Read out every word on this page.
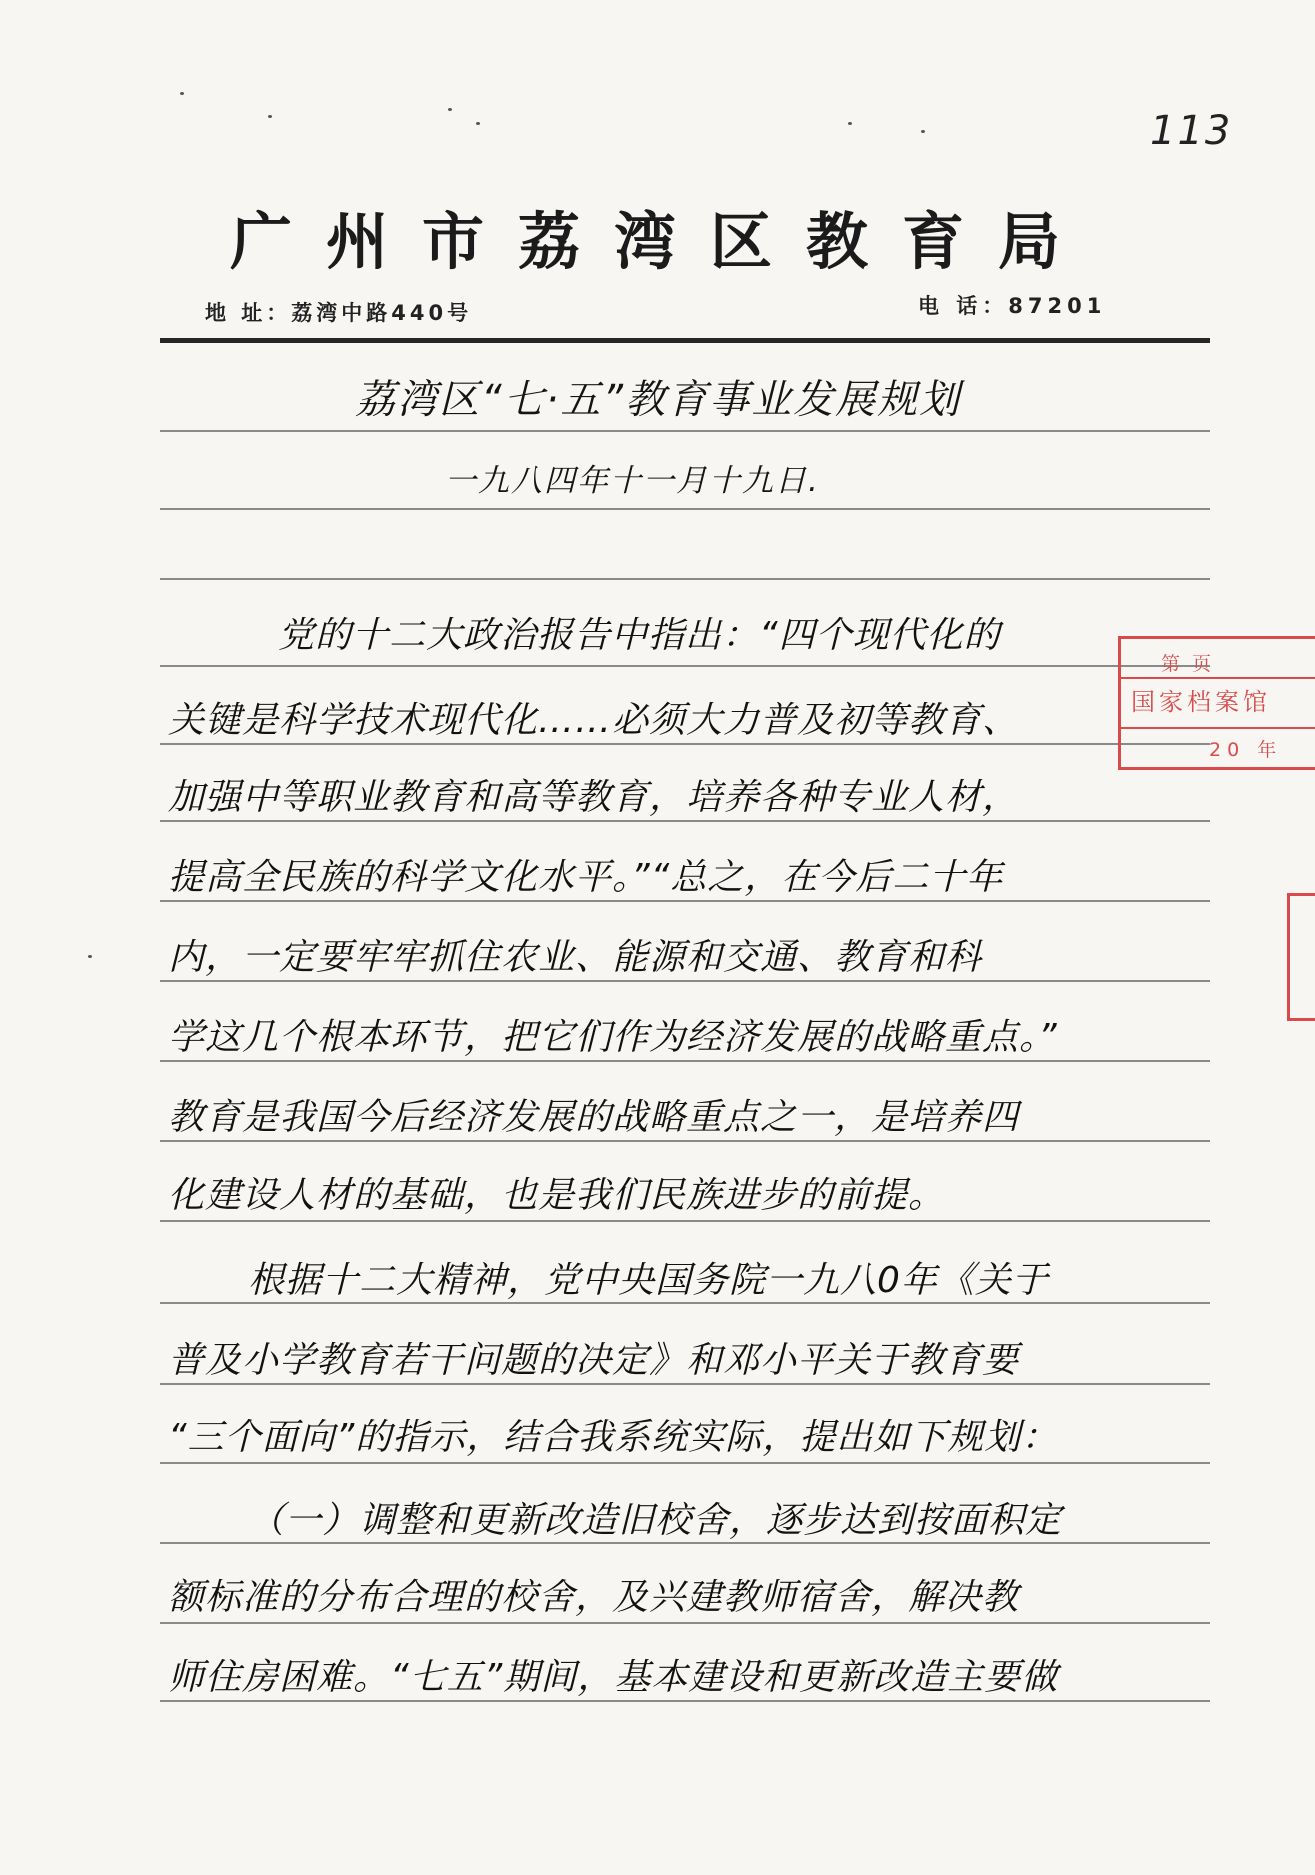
113
广州市荔湾区教育局
地 址：荔湾中路440号	电 话：87201
荔湾区“七·五”教育事业发展规划
一九八四年十一月十九日.
党的十二大政治报告中指出：“四个现代化的
关键是科学技术现代化……必须大力普及初等教育、
加强中等职业教育和高等教育，培养各种专业人材，
提高全民族的科学文化水平。”“总之，在今后二十年
内，一定要牢牢抓住农业、能源和交通、教育和科
学这几个根本环节，把它们作为经济发展的战略重点。”
教育是我国今后经济发展的战略重点之一，是培养四
化建设人材的基础，也是我们民族进步的前提。
根据十二大精神，党中央国务院一九八0年《关于
普及小学教育若干问题的决定》和邓小平关于教育要
“三个面向”的指示，结合我系统实际，提出如下规划：
（一）调整和更新改造旧校舍，逐步达到按面积定
额标准的分布合理的校舍，及兴建教师宿舍，解决教
师住房困难。“七五”期间，基本建设和更新改造主要做
第 页
国家档案馆
20 年
